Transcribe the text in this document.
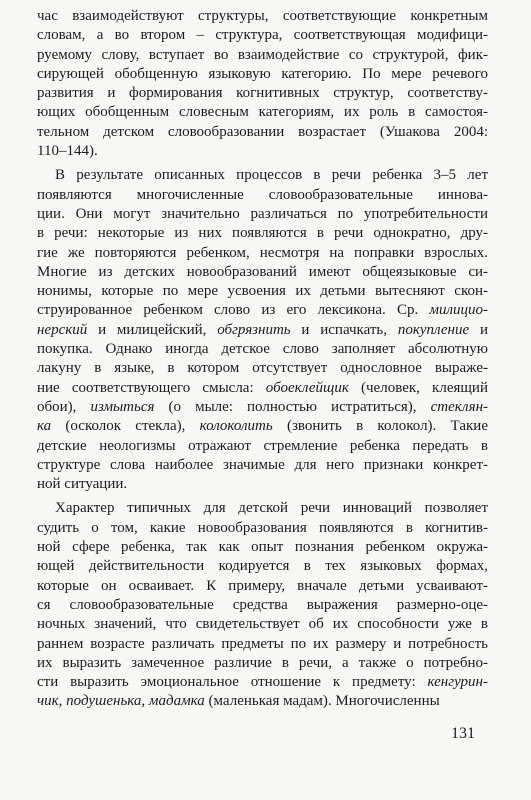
час взаимодействуют структуры, соответствующие конкретным
словам, а во втором – структура, соответствующая модифици-
руемому слову, вступает во взаимодействие со структурой, фик-
сирующей обобщенную языковую категорию. По мере речевого
развития и формирования когнитивных структур, соответству-
ющих обобщенным словесным категориям, их роль в самостоя-
тельном детском словообразовании возрастает (Ушакова 2004:
110–144).
В результате описанных процессов в речи ребенка 3–5 лет
появляются многочисленные словообразовательные иннова-
ции. Они могут значительно различаться по употребительности
в речи: некоторые из них появляются в речи однократно, дру-
гие же повторяются ребенком, несмотря на поправки взрослых.
Многие из детских новообразований имеют общеязыковые си-
нонимы, которые по мере усвоения их детьми вытесняют скон-
струированное ребенком слово из его лексикона. Ср. милицио-
нерский и милицейский, обгрязнить и испачкать, покупление и
покупка. Однако иногда детское слово заполняет абсолютную
лакуну в языке, в котором отсутствует однословное выраже-
ние соответствующего смысла: обоеклейщик (человек, клеящий
обои), измыться (о мыле: полностью истратиться), стеклян-
ка (осколок стекла), колоколить (звонить в колокол). Такие
детские неологизмы отражают стремление ребенка передать в
структуре слова наиболее значимые для него признаки конкрет-
ной ситуации.
Характер типичных для детской речи инноваций позволяет
судить о том, какие новообразования появляются в когнитив-
ной сфере ребенка, так как опыт познания ребенком окружа-
ющей действительности кодируется в тех языковых формах,
которые он осваивает. К примеру, вначале детьми усваивают-
ся словообразовательные средства выражения размерно-оце-
ночных значений, что свидетельствует об их способности уже в
раннем возрасте различать предметы по их размеру и потребность
их выразить замеченное различие в речи, а также о потребно-
сти выразить эмоциональное отношение к предмету: кенгурин-
чик, подушенька, мадамка (маленькая мадам). Многочисленны
131
